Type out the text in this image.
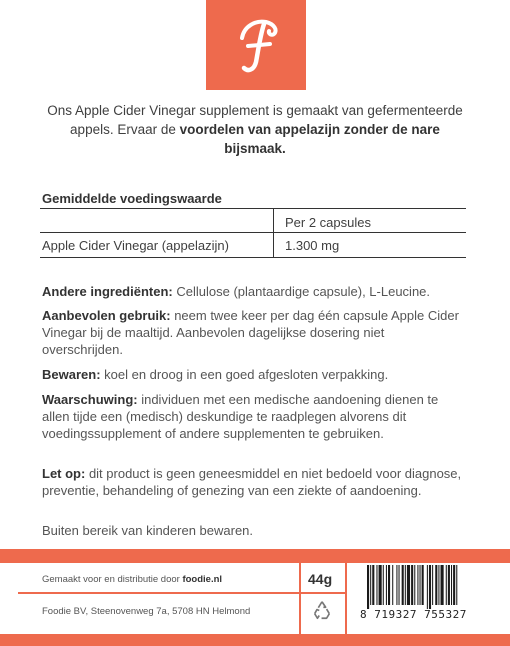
Ons Apple Cider Vinegar supplement is gemaakt van gefermenteerde appels. Ervaar de voordelen van appelazijn zonder de nare bijsmaak.

Gemiddelde voedingswaarde
Per 2 capsules
Apple Cider Vinegar (appelazijn)	1.300 mg

Andere ingrediënten: Cellulose (plantaardige capsule), L-Leucine.

Aanbevolen gebruik: neem twee keer per dag één capsule Apple Cider Vinegar bij de maaltijd. Aanbevolen dagelijkse dosering niet overschrijden.

Bewaren: koel en droog in een goed afgesloten verpakking.

Waarschuwing: individuen met een medische aandoening dienen te allen tijde een (medisch) deskundige te raadplegen alvorens dit voedingssupplement of andere supplementen te gebruiken.

Let op: dit product is geen geneesmiddel en niet bedoeld voor diagnose, preventie, behandeling of genezing van een ziekte of aandoening.

Buiten bereik van kinderen bewaren.

Gemaakt voor en distributie door foodie.nl
Foodie BV, Steenovenweg 7a, 5708 HN Helmond
44g
8 719327 755327
